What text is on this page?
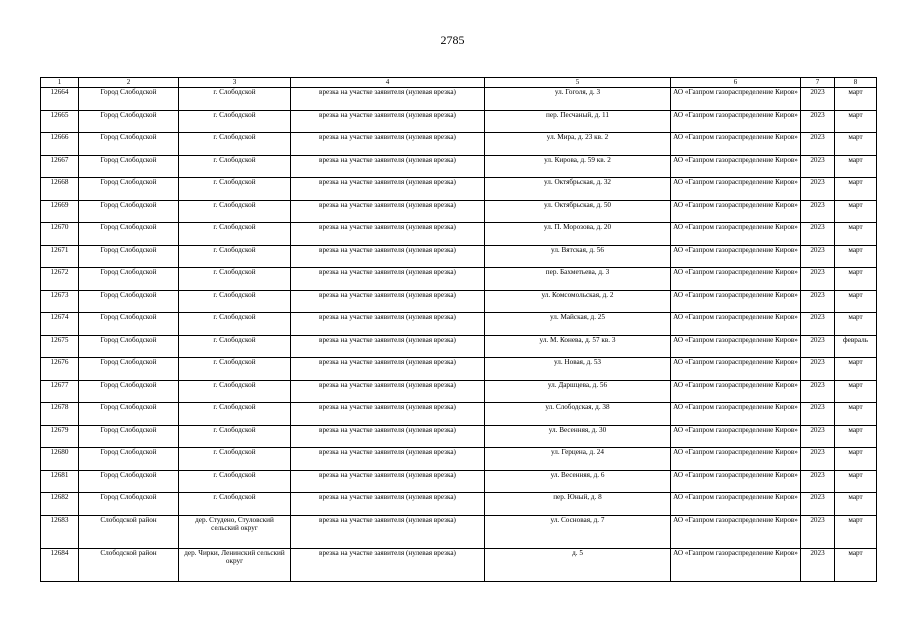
2785
1	2	3	4	5	6	7	8
12664	Город Слободской	г. Слободской	врезка на участке заявителя (нулевая врезка)	ул. Гоголя, д. 3	АО «Газпром газораспределение Киров»	2023	март
12665	Город Слободской	г. Слободской	врезка на участке заявителя (нулевая врезка)	пер. Песчаный, д. 11	АО «Газпром газораспределение Киров»	2023	март
12666	Город Слободской	г. Слободской	врезка на участке заявителя (нулевая врезка)	ул. Мира, д. 23 кв. 2	АО «Газпром газораспределение Киров»	2023	март
12667	Город Слободской	г. Слободской	врезка на участке заявителя (нулевая врезка)	ул. Кирова, д. 59 кв. 2	АО «Газпром газораспределение Киров»	2023	март
12668	Город Слободской	г. Слободской	врезка на участке заявителя (нулевая врезка)	ул. Октябрьская, д. 32	АО «Газпром газораспределение Киров»	2023	март
12669	Город Слободской	г. Слободской	врезка на участке заявителя (нулевая врезка)	ул. Октябрьская, д. 50	АО «Газпром газораспределение Киров»	2023	март
12670	Город Слободской	г. Слободской	врезка на участке заявителя (нулевая врезка)	ул. П. Морозова, д. 20	АО «Газпром газораспределение Киров»	2023	март
12671	Город Слободской	г. Слободской	врезка на участке заявителя (нулевая врезка)	ул. Вятская, д. 56	АО «Газпром газораспределение Киров»	2023	март
12672	Город Слободской	г. Слободской	врезка на участке заявителя (нулевая врезка)	пер. Бахметьева, д. 3	АО «Газпром газораспределение Киров»	2023	март
12673	Город Слободской	г. Слободской	врезка на участке заявителя (нулевая врезка)	ул. Комсомольская, д. 2	АО «Газпром газораспределение Киров»	2023	март
12674	Город Слободской	г. Слободской	врезка на участке заявителя (нулевая врезка)	ул. Майская, д. 25	АО «Газпром газораспределение Киров»	2023	март
12675	Город Слободской	г. Слободской	врезка на участке заявителя (нулевая врезка)	ул. М. Конева, д. 57 кв. 3	АО «Газпром газораспределение Киров»	2023	февраль
12676	Город Слободской	г. Слободской	врезка на участке заявителя (нулевая врезка)	ул. Новая, д. 53	АО «Газпром газораспределение Киров»	2023	март
12677	Город Слободской	г. Слободской	врезка на участке заявителя (нулевая врезка)	ул. Даршцева, д. 56	АО «Газпром газораспределение Киров»	2023	март
12678	Город Слободской	г. Слободской	врезка на участке заявителя (нулевая врезка)	ул. Слободская, д. 38	АО «Газпром газораспределение Киров»	2023	март
12679	Город Слободской	г. Слободской	врезка на участке заявителя (нулевая врезка)	ул. Весенняя, д. 30	АО «Газпром газораспределение Киров»	2023	март
12680	Город Слободской	г. Слободской	врезка на участке заявителя (нулевая врезка)	ул. Герцена, д. 24	АО «Газпром газораспределение Киров»	2023	март
12681	Город Слободской	г. Слободской	врезка на участке заявителя (нулевая врезка)	ул. Весенняя, д. 6	АО «Газпром газораспределение Киров»	2023	март
12682	Город Слободской	г. Слободской	врезка на участке заявителя (нулевая врезка)	пер. Юный, д. 8	АО «Газпром газораспределение Киров»	2023	март
12683	Слободской район	дер. Студено, Стуловский сельский округ	врезка на участке заявителя (нулевая врезка)	ул. Сосновая, д. 7	АО «Газпром газораспределение Киров»	2023	март
12684	Слободской район	дер. Чирки, Ленинский сельский округ	врезка на участке заявителя (нулевая врезка)	д. 5	АО «Газпром газораспределение Киров»	2023	март
